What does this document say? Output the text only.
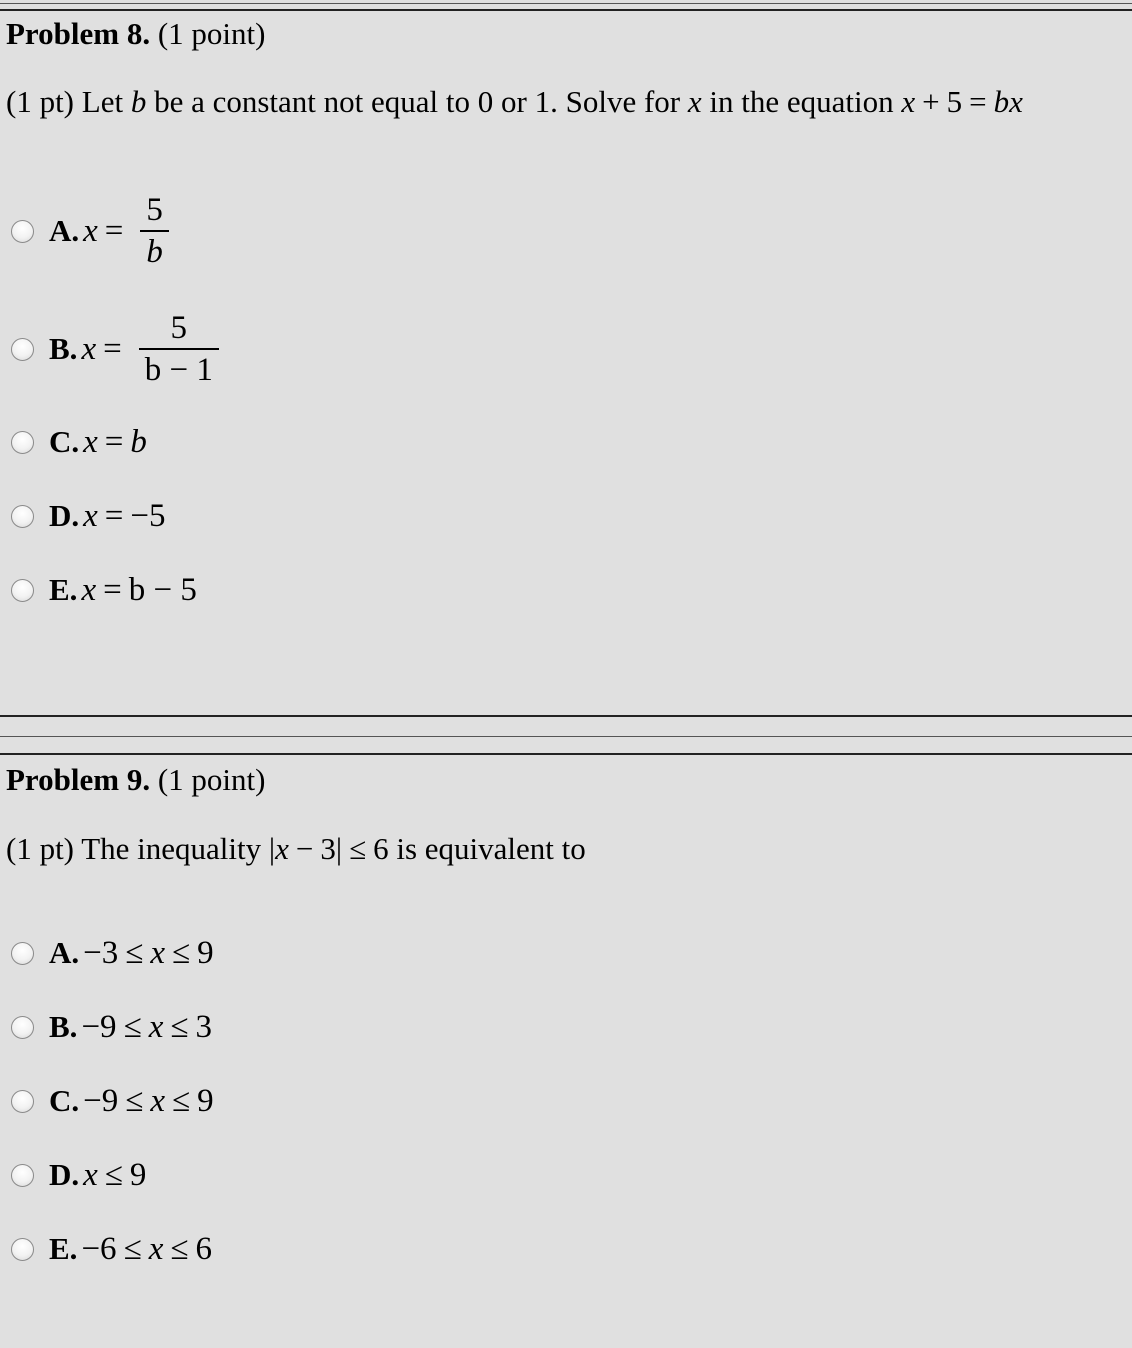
Problem 8. (1 point)
(1 pt) Let b be a constant not equal to 0 or 1. Solve for x in the equation x + 5 = bx
A. $x = \frac{5}{b}$
B. $x = \frac{5}{b - 1}$
C. x = b
D. x = −5
E. x = b − 5
Problem 9. (1 point)
(1 pt) The inequality |x − 3| ≤ 6 is equivalent to
A. −3 ≤ x ≤ 9
B. −9 ≤ x ≤ 3
C. −9 ≤ x ≤ 9
D. x ≤ 9
E. −6 ≤ x ≤ 6
